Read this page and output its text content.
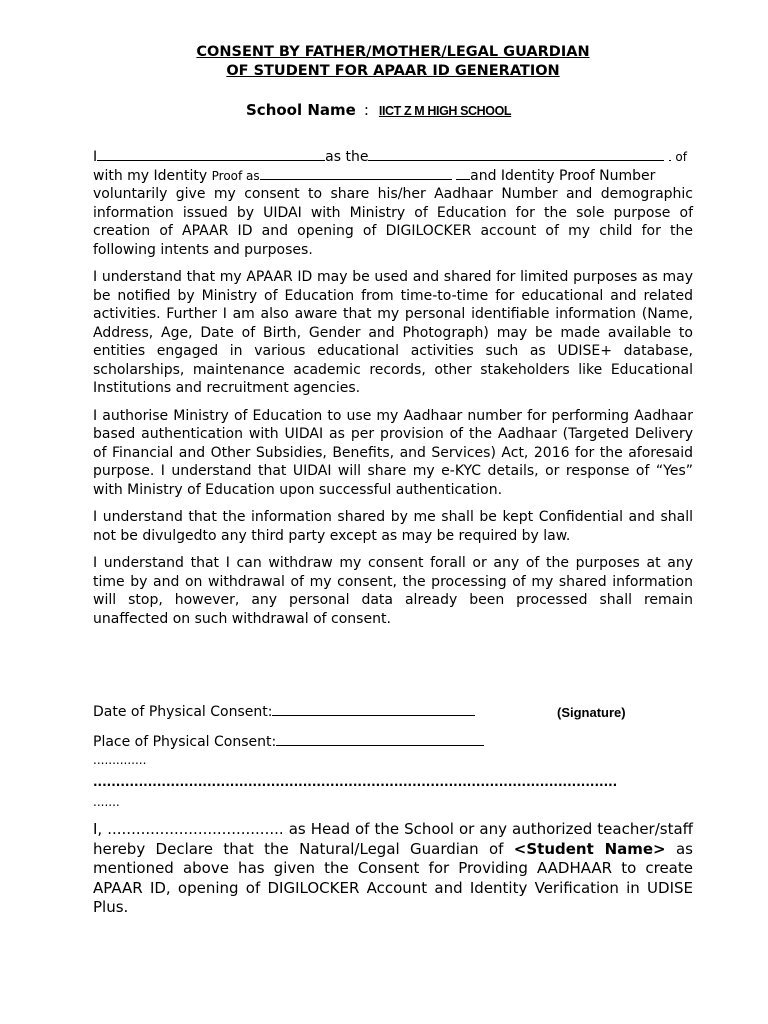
CONSENT BY FATHER/MOTHER/LEGAL GUARDIAN
OF STUDENT FOR APAAR ID GENERATION
School Name : IICT Z M HIGH SCHOOL

I	as the	of
with my Identity Proof as	and Identity Proof Number
voluntarily give my consent to share his/her Aadhaar Number and demographic information issued by UIDAI with Ministry of Education for the sole purpose of creation of APAAR ID and opening of DIGILOCKER account of my child for the following intents and purposes.

I understand that my APAAR ID may be used and shared for limited purposes as may be notified by Ministry of Education from time-to-time for educational and related activities. Further I am also aware that my personal identifiable information (Name, Address, Age, Date of Birth, Gender and Photograph) may be made available to entities engaged in various educational activities such as UDISE+ database, scholarships, maintenance academic records, other stakeholders like Educational Institutions and recruitment agencies.

I authorise Ministry of Education to use my Aadhaar number for performing Aadhaar based authentication with UIDAI as per provision of the Aadhaar (Targeted Delivery of Financial and Other Subsidies, Benefits, and Services) Act, 2016 for the aforesaid purpose. I understand that UIDAI will share my e-KYC details, or response of “Yes” with Ministry of Education upon successful authentication.

I understand that the information shared by me shall be kept Confidential and shall not be divulgedto any third party except as may be required by law.

I understand that I can withdraw my consent forall or any of the purposes at any time by and on withdrawal of my consent, the processing of my shared information will stop, however, any personal data already been processed shall remain unaffected on such withdrawal of consent.

Date of Physical Consent:	(Signature)
Place of Physical Consent:
..............
...................................................................................................................
.......
I, ..................................... as Head of the School or any authorized teacher/staff hereby Declare that the Natural/Legal Guardian of <Student Name> as mentioned above has given the Consent for Providing AADHAAR to create APAAR ID, opening of DIGILOCKER Account and Identity Verification in UDISE Plus.
